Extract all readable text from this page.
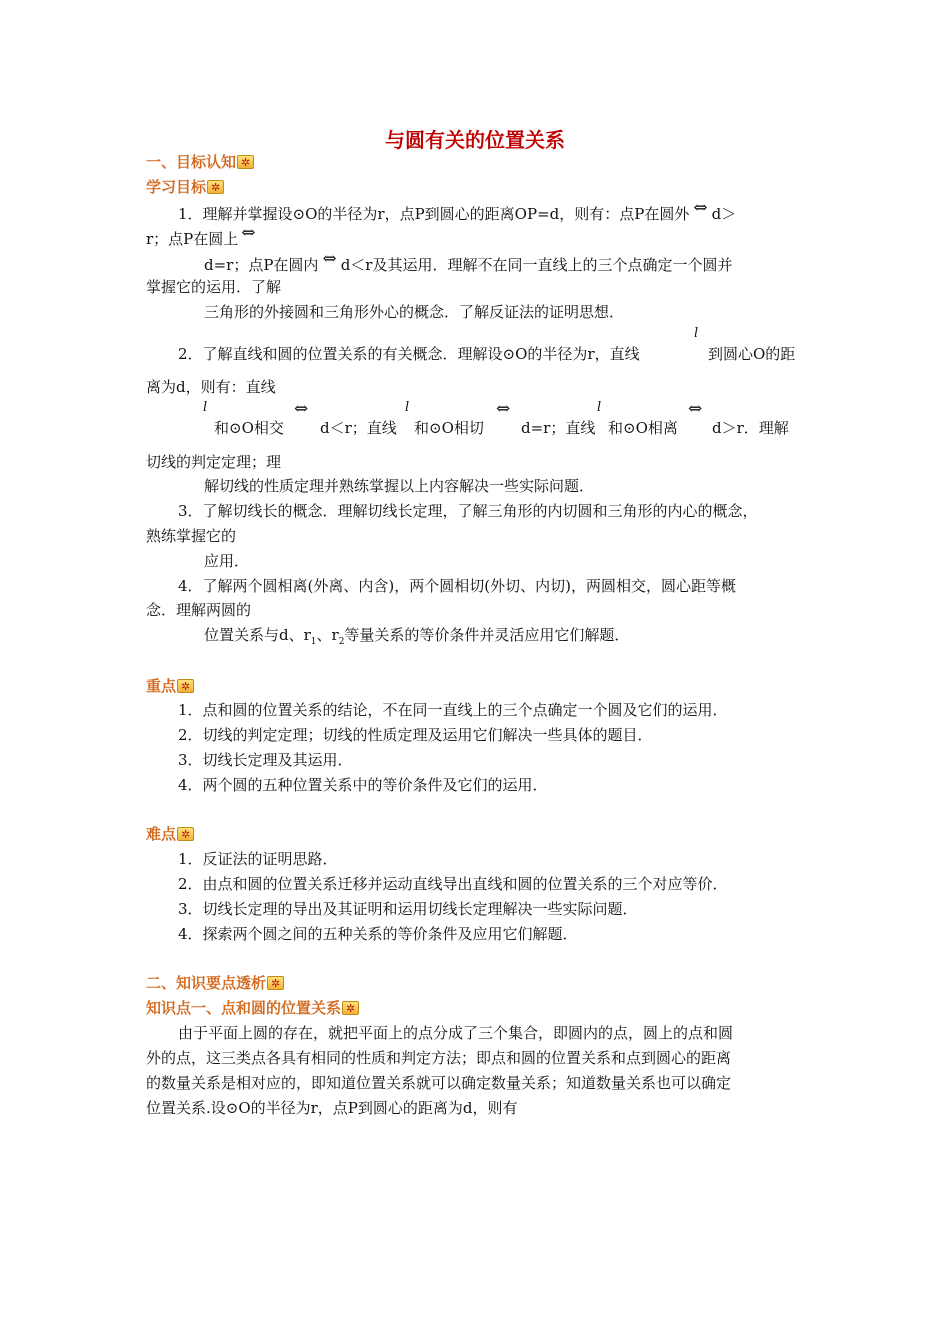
与圆有关的位置关系
一、目标认知✲
学习目标✲
1．理解并掌握设⊙O的半径为r，点P到圆心的距离OP=d，则有：点P在圆外 ⇔ d＞
r；点P在圆上 ⇔
d=r；点P在圆内 ⇔ d＜r及其运用．理解不在同一直线上的三个点确定一个圆并
掌握它的运用．了解
三角形的外接圆和三角形外心的概念．了解反证法的证明思想．
2．了解直线和圆的位置关系的有关概念．理解设⊙O的半径为r，直线
l
到圆心O的距
离为d，则有：直线
l
和⊙O相交
⇔
d＜r；直线
l
和⊙O相切
⇔
d=r；直线
l
和⊙O相离
⇔
d＞r．理解
切线的判定定理；理
解切线的性质定理并熟练掌握以上内容解决一些实际问题．
3．了解切线长的概念．理解切线长定理，了解三角形的内切圆和三角形的内心的概念，
熟练掌握它的
应用．
4．了解两个圆相离(外离、内含)，两个圆相切(外切、内切)，两圆相交，圆心距等概
念．理解两圆的
位置关系与d、$r_1$、$r_2$等量关系的等价条件并灵活应用它们解题．
重点✲
1．点和圆的位置关系的结论，不在同一直线上的三个点确定一个圆及它们的运用．
2．切线的判定定理；切线的性质定理及运用它们解决一些具体的题目．
3．切线长定理及其运用．
4．两个圆的五种位置关系中的等价条件及它们的运用．
难点✲
1．反证法的证明思路．
2．由点和圆的位置关系迁移并运动直线导出直线和圆的位置关系的三个对应等价．
3．切线长定理的导出及其证明和运用切线长定理解决一些实际问题．
4．探索两个圆之间的五种关系的等价条件及应用它们解题．
二、知识要点透析✲
知识点一、点和圆的位置关系✲
由于平面上圆的存在，就把平面上的点分成了三个集合，即圆内的点，圆上的点和圆
外的点，这三类点各具有相同的性质和判定方法；即点和圆的位置关系和点到圆心的距离
的数量关系是相对应的，即知道位置关系就可以确定数量关系；知道数量关系也可以确定
位置关系.设⊙O的半径为r，点P到圆心的距离为d，则有
